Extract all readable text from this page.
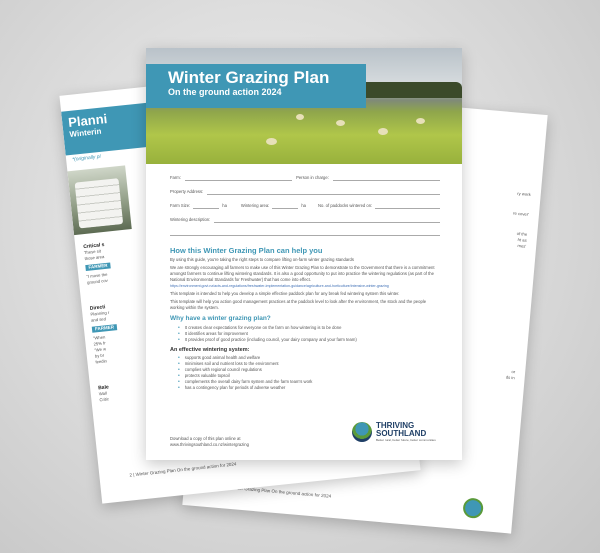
ry work
re cover'
of the
ht as
mes'
or
ds in
3 | Winter Grazing Plan On the ground action for 2024
Planni
Winterin
*(originally pl
Critical s
These sit
those area
FARMER
"I move the
ground cov
Directi
Planning r
and sed
FARMER
"When
25% fr
"We w
by br
feedin
Bale
Wall
Critic
2 | Winter Grazing Plan On the ground action for 2024
Winter Grazing Plan
On the ground action 2024
Farm:	Person in charge:
Property Address:
Farm Size:	ha	Wintering area:	ha	No. of paddocks wintered on:
Wintering description:
How this Winter Grazing Plan can help you
By using this guide, you're taking the right steps to compare lifting on-farm winter grazing standards
We are strongly encouraging all farmers to make use of this Winter Grazing Plan to demonstrate to the Government that there is a commitment amongst farmers to continue lifting wintering standards. It is also a good opportunity to put into practice the wintering regulations (as part of the National Environmental Standards for Freshwater) that has come into effect.
https://environment.govt.nz/acts-and-regulations/freshwater-implementation-guidance/agriculture-and-horticulture/intensive-winter-grazing
This template is intended to help you develop a simple effective paddock plan for any break fed wintering system this winter.
This template will help you action good management practices at the paddock level to look after the environment, the stock and the people working within the system.
Why have a winter grazing plan?
• It creates clear expectations for everyone on the farm on how wintering is to be done
• It identifies areas for improvement
• It provides proof of good practice (including council, your dairy company and your farm team)
An effective wintering system:
• supports good animal health and welfare
• minimises soil and nutrient loss to the environment
• complies with regional council regulations
• protects valuable topsoil
• complements the overall dairy farm system and the farm team's work
• has a contingency plan for periods of adverse weather
Download a copy of this plan online at
www.thrivingsouthland.co.nz/wintergrazing
THRIVING
SOUTHLAND
Better rural, better future, better communities
